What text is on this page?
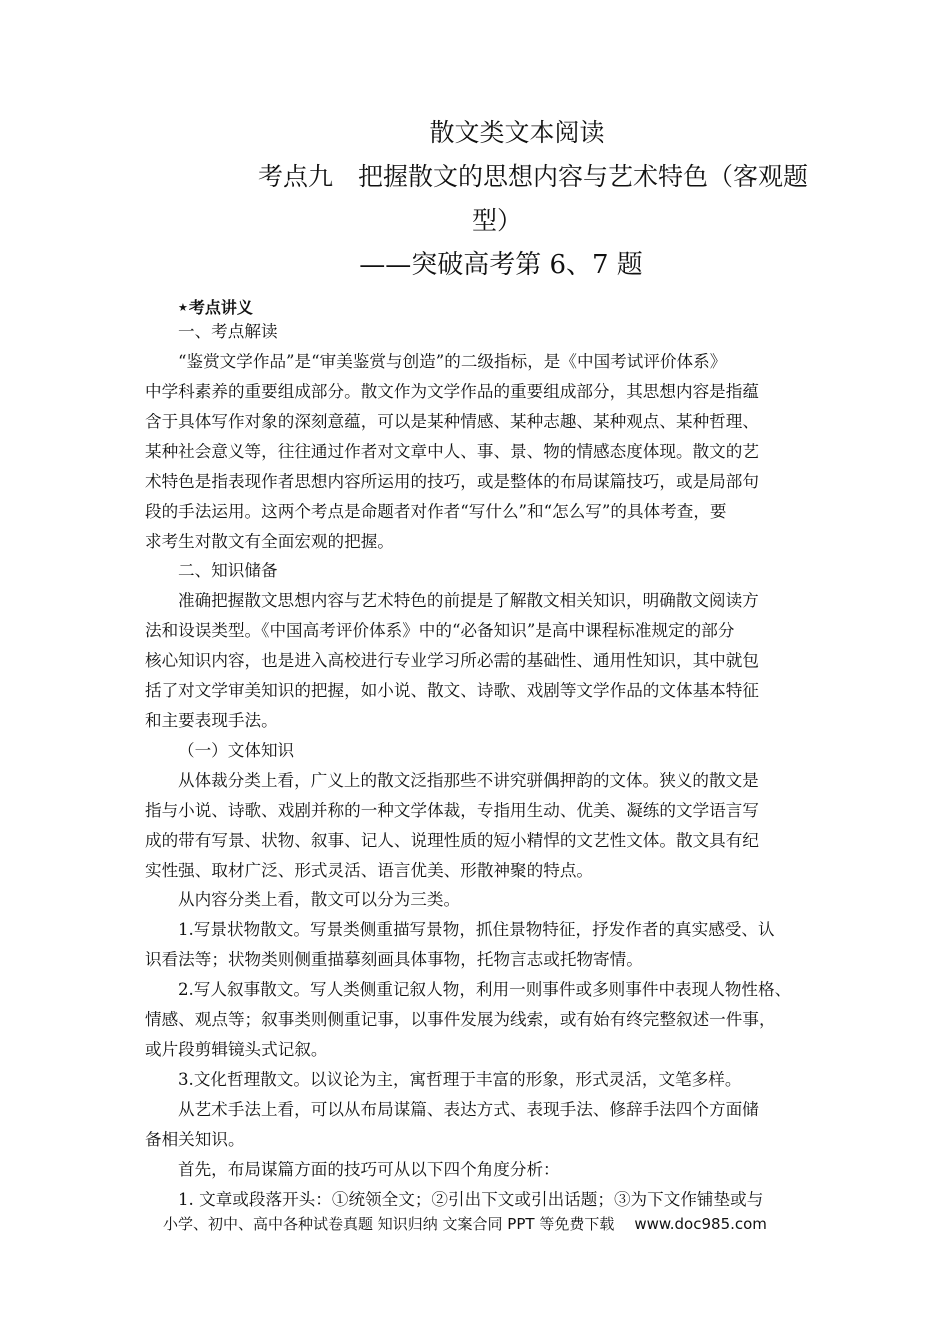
散文类文本阅读
考点九　把握散文的思想内容与艺术特色（客观题
型）
——突破高考第 6、7 题
★考点讲义
一、考点解读
“鉴赏文学作品”是“审美鉴赏与创造”的二级指标，是《中国考试评价体系》
中学科素养的重要组成部分。散文作为文学作品的重要组成部分，其思想内容是指蕴
含于具体写作对象的深刻意蕴，可以是某种情感、某种志趣、某种观点、某种哲理、
某种社会意义等，往往通过作者对文章中人、事、景、物的情感态度体现。散文的艺
术特色是指表现作者思想内容所运用的技巧，或是整体的布局谋篇技巧，或是局部句
段的手法运用。这两个考点是命题者对作者“写什么”和“怎么写”的具体考查，要
求考生对散文有全面宏观的把握。
二、知识储备
准确把握散文思想内容与艺术特色的前提是了解散文相关知识，明确散文阅读方
法和设误类型。《中国高考评价体系》中的“必备知识”是高中课程标准规定的部分
核心知识内容，也是进入高校进行专业学习所必需的基础性、通用性知识，其中就包
括了对文学审美知识的把握，如小说、散文、诗歌、戏剧等文学作品的文体基本特征
和主要表现手法。
（一）文体知识
从体裁分类上看，广义上的散文泛指那些不讲究骈偶押韵的文体。狭义的散文是
指与小说、诗歌、戏剧并称的一种文学体裁，专指用生动、优美、凝练的文学语言写
成的带有写景、状物、叙事、记人、说理性质的短小精悍的文艺性文体。散文具有纪
实性强、取材广泛、形式灵活、语言优美、形散神聚的特点。
从内容分类上看，散文可以分为三类。
1.写景状物散文。写景类侧重描写景物，抓住景物特征，抒发作者的真实感受、认
识看法等；状物类则侧重描摹刻画具体事物，托物言志或托物寄情。
2.写人叙事散文。写人类侧重记叙人物，利用一则事件或多则事件中表现人物性格、
情感、观点等；叙事类则侧重记事，以事件发展为线索，或有始有终完整叙述一件事，
或片段剪辑镜头式记叙。
3.文化哲理散文。以议论为主，寓哲理于丰富的形象，形式灵活，文笔多样。
从艺术手法上看，可以从布局谋篇、表达方式、表现手法、修辞手法四个方面储
备相关知识。
首先，布局谋篇方面的技巧可从以下四个角度分析：
1. 文章或段落开头：①统领全文；②引出下文或引出话题；③为下文作铺垫或与
小学、初中、高中各种试卷真题 知识归纳 文案合同 PPT 等免费下载 www.doc985.com
